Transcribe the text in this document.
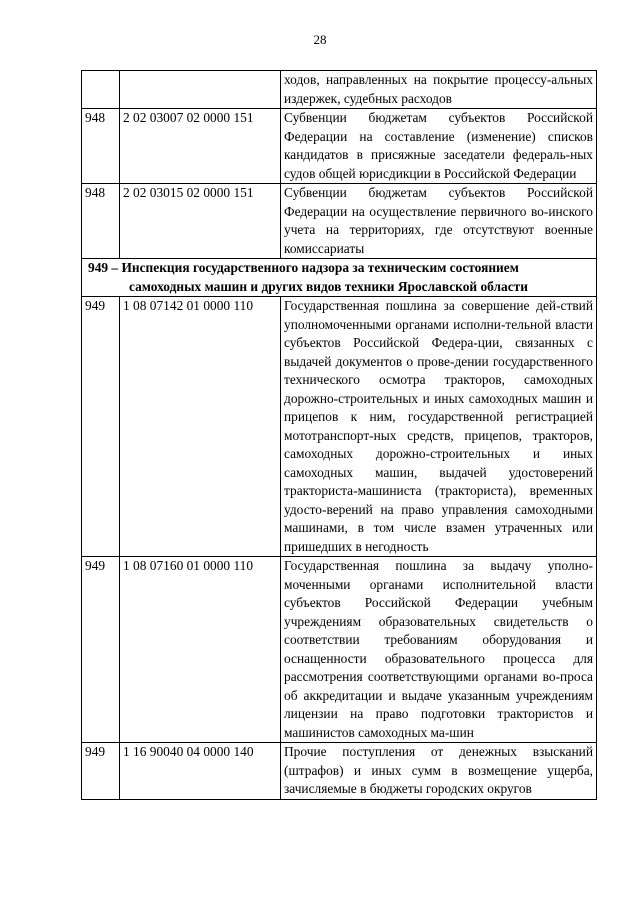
28
		ходов, направленных на покрытие процессу-альных издержек, судебных расходов
948	2 02 03007 02 0000 151	Субвенции бюджетам субъектов Российской Федерации на составление (изменение) списков кандидатов в присяжные заседатели федераль-ных судов общей юрисдикции в Российской Федерации
948	2 02 03015 02 0000 151	Субвенции бюджетам субъектов Российской Федерации на осуществление первичного во-инского учета на территориях, где отсутствуют военные комиссариаты
949 – Инспекция государственного надзора за техническим состоянием
самоходных машин и других видов техники Ярославской области		

949	1 08 07142 01 0000 110	Государственная пошлина за совершение дей-ствий уполномоченными органами исполни-тельной власти субъектов Российской Федера-ции, связанных с выдачей документов о прове-дении государственного технического осмотра тракторов, самоходных дорожно-строительных и иных самоходных машин и прицепов к ним, государственной регистрацией мототранспорт-ных средств, прицепов, тракторов, самоходных дорожно-строительных и иных самоходных машин, выдачей удостоверений тракториста-машиниста (тракториста), временных удосто-верений на право управления самоходными машинами, в том числе взамен утраченных или пришедших в негодность
949	1 08 07160 01 0000 110	Государственная пошлина за выдачу уполно-моченными органами исполнительной власти субъектов Российской Федерации учебным учреждениям образовательных свидетельств о соответствии требованиям оборудования и оснащенности образовательного процесса для рассмотрения соответствующими органами во-проса об аккредитации и выдаче указанным учреждениям лицензии на право подготовки трактористов и машинистов самоходных ма-шин
949	1 16 90040 04 0000 140	Прочие поступления от денежных взысканий (штрафов) и иных сумм в возмещение ущерба, зачисляемые в бюджеты городских округов
